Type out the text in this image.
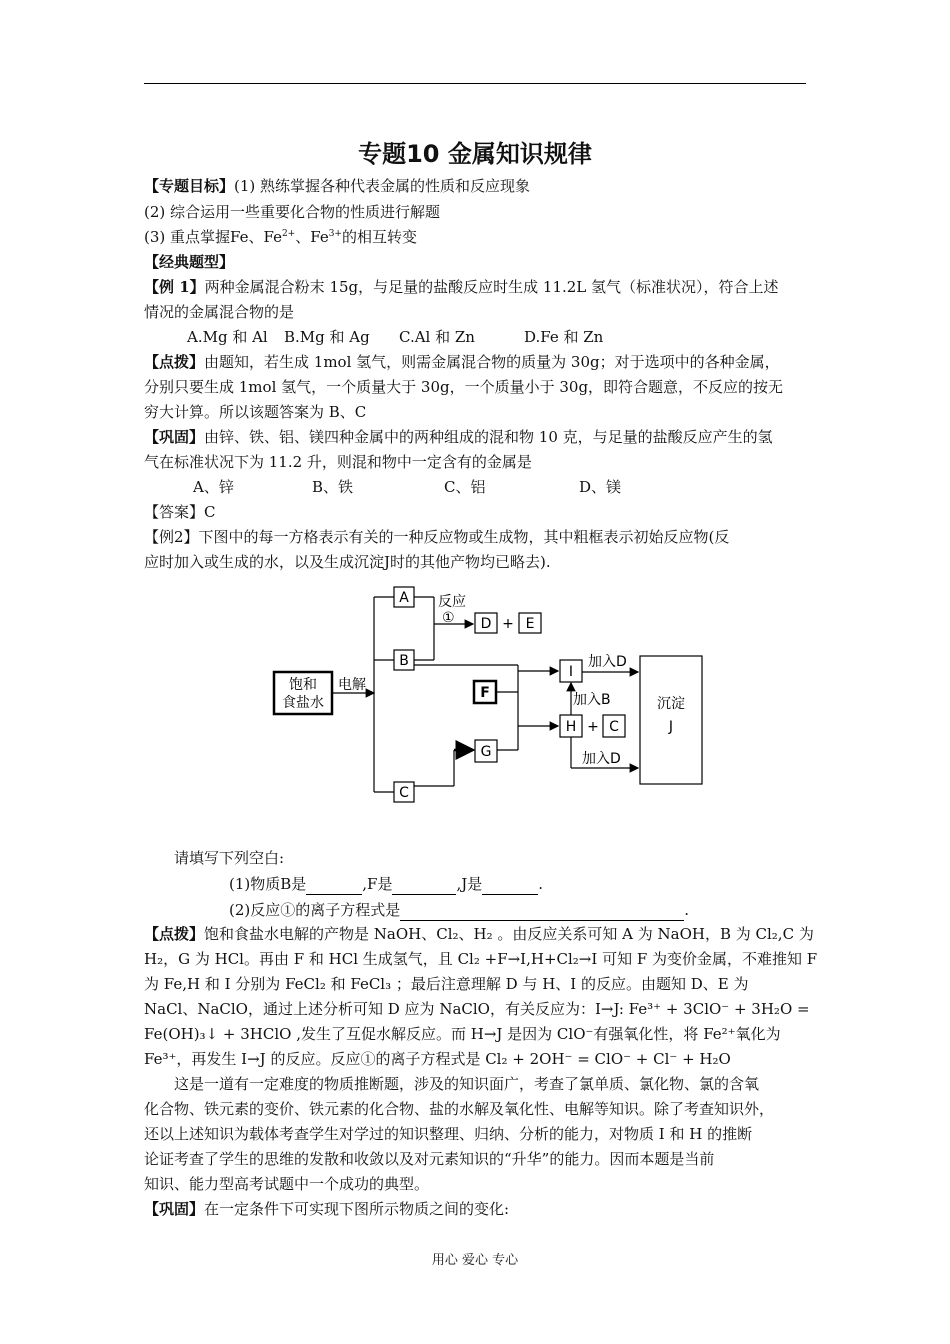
专题10 金属知识规律
【专题目标】(1) 熟练掌握各种代表金属的性质和反应现象
(2) 综合运用一些重要化合物的性质进行解题
(3) 重点掌握Fe、$Fe^{2+}$、$Fe^{3+}$的相互转变
【经典题型】
【例 1】两种金属混合粉末 15g，与足量的盐酸反应时生成 11.2L 氢气（标准状况），符合上述
情况的金属混合物的是
A.Mg 和 Al B.Mg 和 Ag C.Al 和 Zn	D.Fe 和 Zn
【点拨】由题知，若生成 1mol 氢气，则需金属混合物的质量为 30g；对于选项中的各种金属，
分别只要生成 1mol 氢气，一个质量大于 30g，一个质量小于 30g，即符合题意，不反应的按无
穷大计算。所以该题答案为 B、C
【巩固】由锌、铁、铝、镁四种金属中的两种组成的混和物 10 克，与足量的盐酸反应产生的氢
气在标准状况下为 11.2 升，则混和物中一定含有的金属是
A、锌	B、铁	C、铝	D、镁
【答案】C
【例2】下图中的每一方格表示有关的一种反应物或生成物，其中粗框表示初始反应物(反
应时加入或生成的水，以及生成沉淀J时的其他产物均已略去).
饱和
食盐水
电解
A
B
C
反应
① D + E
F
G
I
H + C
加入D
加入B
加入D
沉淀
J
请填写下列空白:
(1)物质B是	,F是	,J是	.
(2)反应①的离子方程式是	.
【点拨】饱和食盐水电解的产物是 NaOH、Cl₂、H₂ 。由反应关系可知 A 为 NaOH，B 为 Cl₂,C 为
H₂，G 为 HCl。再由 F 和 HCl 生成氢气，且 Cl₂ +F→I,H+Cl₂→I 可知 F 为变价金属，不难推知 F
为 Fe,H 和 I 分别为 FeCl₂ 和 FeCl₃ ；最后注意理解 D 与 H、I 的反应。由题知 D、E 为
NaCl、NaClO，通过上述分析可知 D 应为 NaClO，有关反应为：I→J: Fe³⁺ + 3ClO⁻ + 3H₂O =
Fe(OH)₃↓ + 3HClO ,发生了互促水解反应。而 H→J 是因为 ClO⁻有强氧化性，将 Fe²⁺氧化为
Fe³⁺，再发生 I→J 的反应。反应①的离子方程式是 Cl₂ + 2OH⁻ = ClO⁻ + Cl⁻ + H₂O
这是一道有一定难度的物质推断题，涉及的知识面广，考查了氯单质、氯化物、氯的含氧
化合物、铁元素的变价、铁元素的化合物、盐的水解及氧化性、电解等知识。除了考查知识外，
还以上述知识为载体考查学生对学过的知识整理、归纳、分析的能力，对物质 I 和 H 的推断
论证考查了学生的思维的发散和收敛以及对元素知识的“升华”的能力。因而本题是当前
知识、能力型高考试题中一个成功的典型。
【巩固】在一定条件下可实现下图所示物质之间的变化:
用心 爱心 专心
